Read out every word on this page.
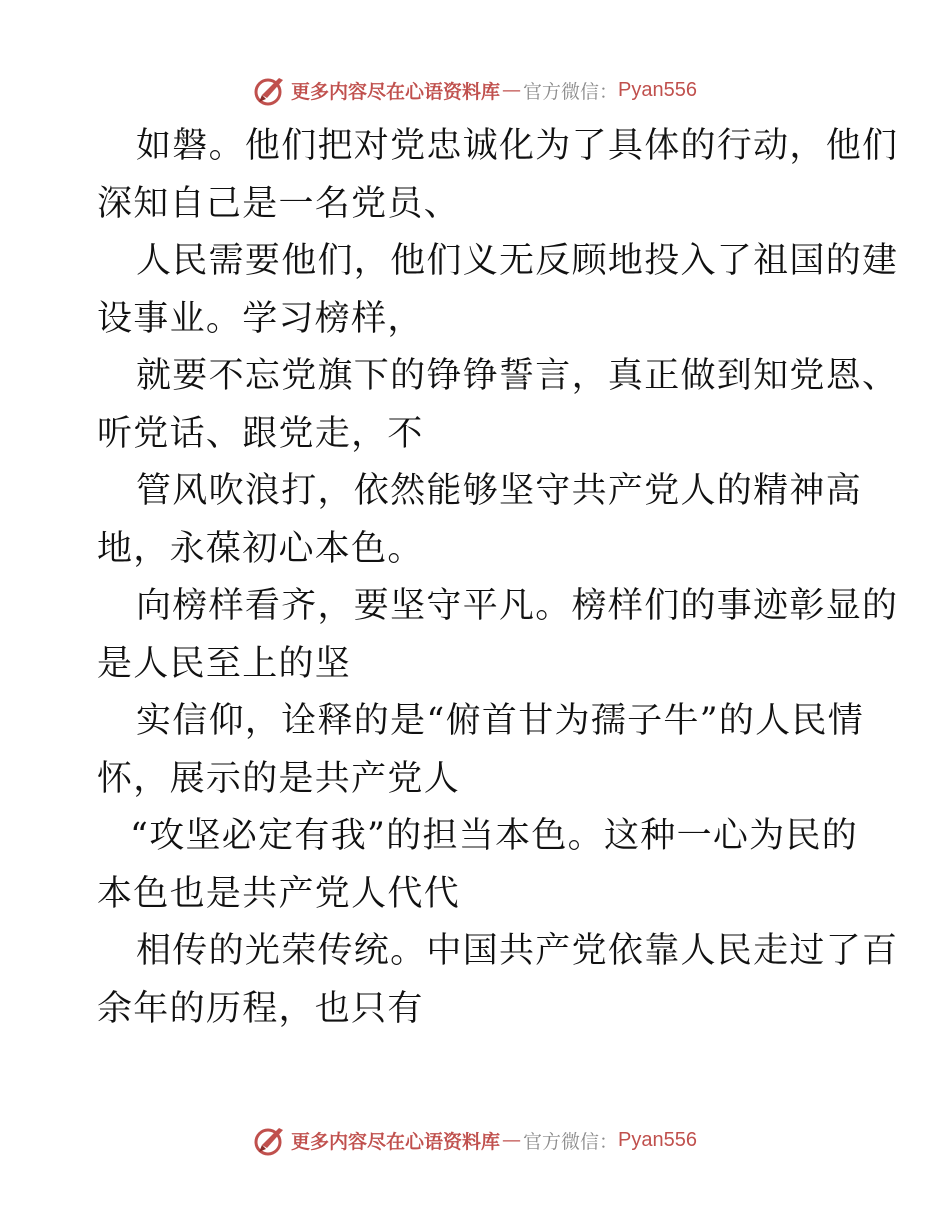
更多内容尽在心语资料库 — 官方微信： Pyan556
如磐。他们把对党忠诚化为了具体的行动，他们
深知自己是一名党员、
人民需要他们，他们义无反顾地投入了祖国的建
设事业。学习榜样，
就要不忘党旗下的铮铮誓言，真正做到知党恩、
听党话、跟党走，不
管风吹浪打，依然能够坚守共产党人的精神高
地，永葆初心本色。
向榜样看齐，要坚守平凡。榜样们的事迹彰显的
是人民至上的坚
实信仰，诠释的是“俯首甘为孺子牛”的人民情
怀，展示的是共产党人
“攻坚必定有我”的担当本色。这种一心为民的
本色也是共产党人代代
相传的光荣传统。中国共产党依靠人民走过了百
余年的历程，也只有
更多内容尽在心语资料库 — 官方微信： Pyan556
